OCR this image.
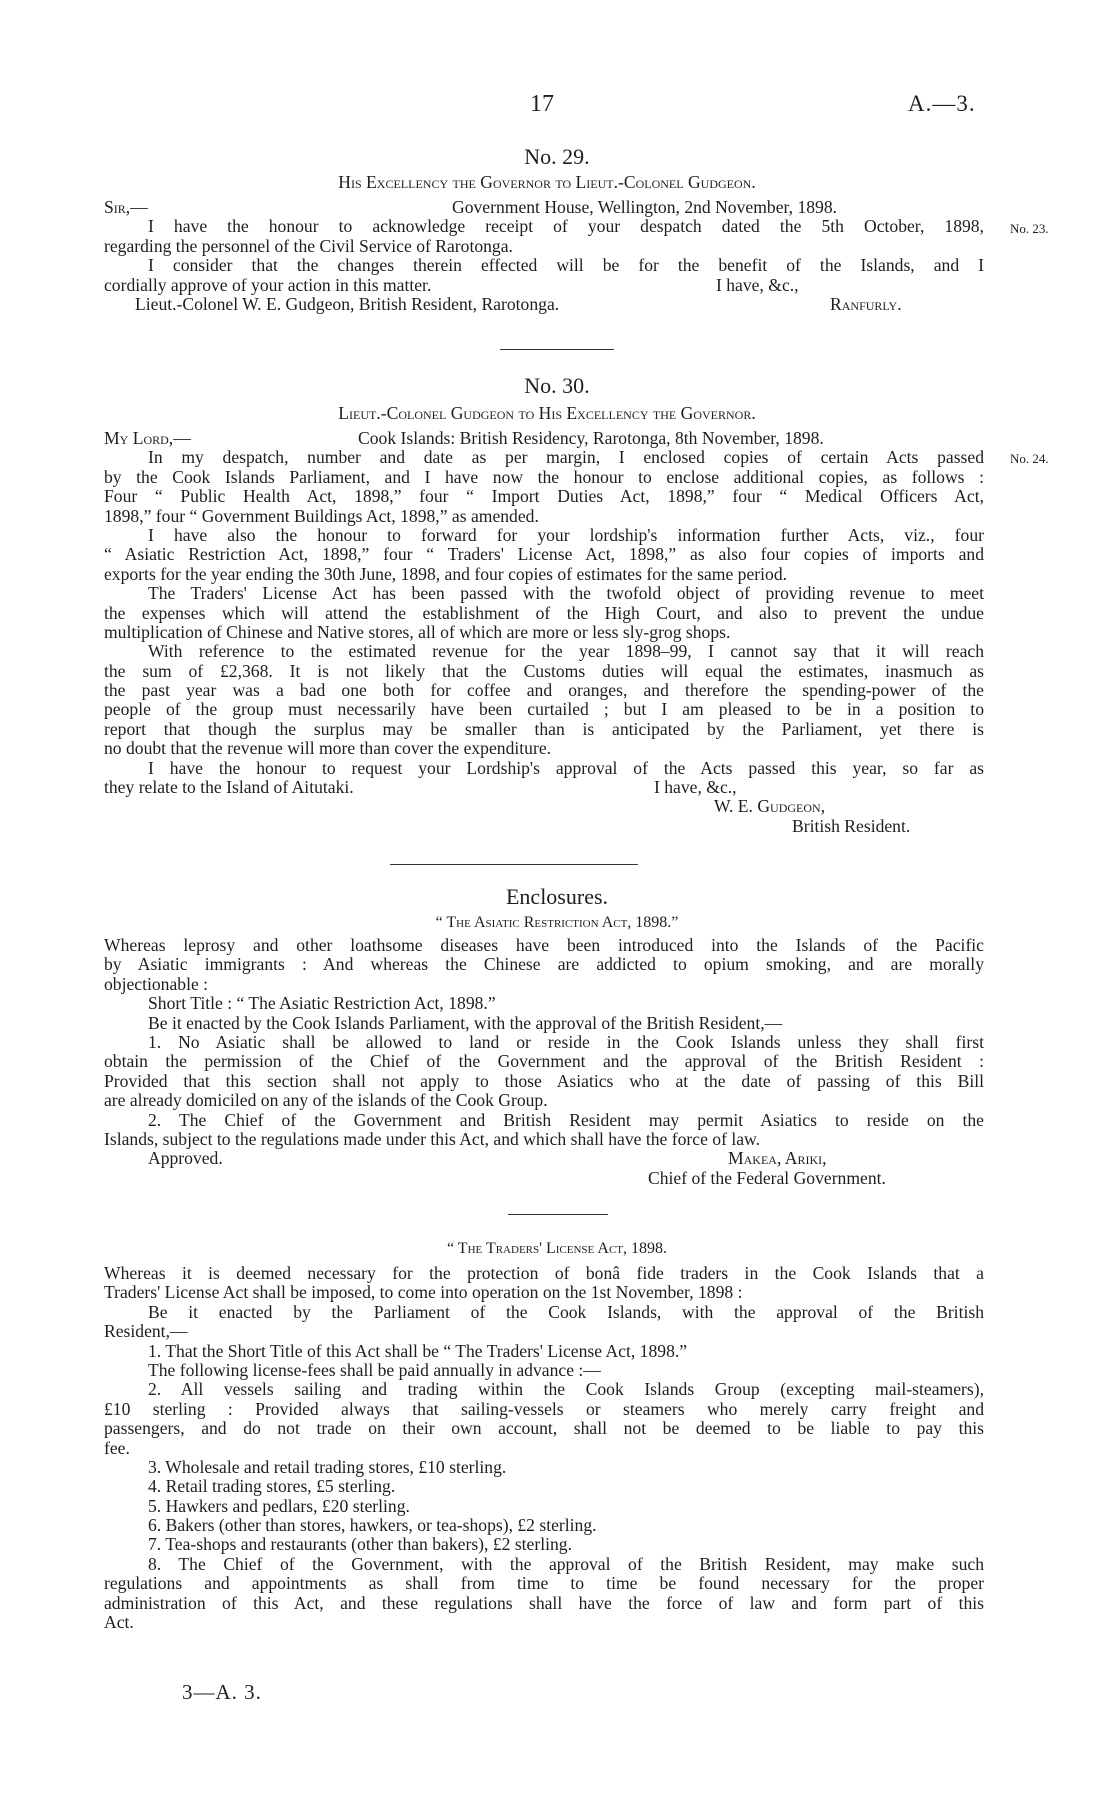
17	A.—3.
No. 29.
His Excellency the Governor to Lieut.-Colonel Gudgeon.
Sir,—	Government House, Wellington, 2nd November, 1898.
I have the honour to acknowledge receipt of your despatch dated the 5th October, 1898,
regarding the personnel of the Civil Service of Rarotonga.
I consider that the changes therein effected will be for the benefit of the Islands, and I
cordially approve of your action in this matter.	I have, &c.,
Lieut.-Colonel W. E. Gudgeon, British Resident, Rarotonga.	Ranfurly.
No. 23.
No. 30.
Lieut.-Colonel Gudgeon to His Excellency the Governor.
My Lord,—	Cook Islands: British Residency, Rarotonga, 8th November, 1898.
In my despatch, number and date as per margin, I enclosed copies of certain Acts passed
by the Cook Islands Parliament, and I have now the honour to enclose additional copies, as follows :
Four “ Public Health Act, 1898,” four “ Import Duties Act, 1898,” four “ Medical Officers Act,
1898,” four “ Government Buildings Act, 1898,” as amended.
I have also the honour to forward for your lordship's information further Acts, viz., four
“ Asiatic Restriction Act, 1898,” four “ Traders' License Act, 1898,” as also four copies of imports and
exports for the year ending the 30th June, 1898, and four copies of estimates for the same period.
The Traders' License Act has been passed with the twofold object of providing revenue to meet
the expenses which will attend the establishment of the High Court, and also to prevent the undue
multiplication of Chinese and Native stores, all of which are more or less sly-grog shops.
With reference to the estimated revenue for the year 1898–99, I cannot say that it will reach
the sum of £2,368. It is not likely that the Customs duties will equal the estimates, inasmuch as
the past year was a bad one both for coffee and oranges, and therefore the spending-power of the
people of the group must necessarily have been curtailed ; but I am pleased to be in a position to
report that though the surplus may be smaller than is anticipated by the Parliament, yet there is
no doubt that the revenue will more than cover the expenditure.
I have the honour to request your Lordship's approval of the Acts passed this year, so far as
they relate to the Island of Aitutaki.	I have, &c.,
W. E. Gudgeon,
British Resident.
No. 24.
Enclosures.
“ The Asiatic Restriction Act, 1898.”
Whereas leprosy and other loathsome diseases have been introduced into the Islands of the Pacific
by Asiatic immigrants : And whereas the Chinese are addicted to opium smoking, and are morally
objectionable :
Short Title : “ The Asiatic Restriction Act, 1898.”
Be it enacted by the Cook Islands Parliament, with the approval of the British Resident,—
1. No Asiatic shall be allowed to land or reside in the Cook Islands unless they shall first
obtain the permission of the Chief of the Government and the approval of the British Resident :
Provided that this section shall not apply to those Asiatics who at the date of passing of this Bill
are already domiciled on any of the islands of the Cook Group.
2. The Chief of the Government and British Resident may permit Asiatics to reside on the
Islands, subject to the regulations made under this Act, and which shall have the force of law.
Approved.	Makea, Ariki,
Chief of the Federal Government.
“ The Traders' License Act, 1898.
Whereas it is deemed necessary for the protection of bonâ fide traders in the Cook Islands that a
Traders' License Act shall be imposed, to come into operation on the 1st November, 1898 :
Be it enacted by the Parliament of the Cook Islands, with the approval of the British
Resident,—
1. That the Short Title of this Act shall be “ The Traders' License Act, 1898.”
The following license-fees shall be paid annually in advance :—
2. All vessels sailing and trading within the Cook Islands Group (excepting mail-steamers),
£10 sterling : Provided always that sailing-vessels or steamers who merely carry freight and
passengers, and do not trade on their own account, shall not be deemed to be liable to pay this
fee.
3. Wholesale and retail trading stores, £10 sterling.
4. Retail trading stores, £5 sterling.
5. Hawkers and pedlars, £20 sterling.
6. Bakers (other than stores, hawkers, or tea-shops), £2 sterling.
7. Tea-shops and restaurants (other than bakers), £2 sterling.
8. The Chief of the Government, with the approval of the British Resident, may make such
regulations and appointments as shall from time to time be found necessary for the proper
administration of this Act, and these regulations shall have the force of law and form part of this
Act.
3—A. 3.
